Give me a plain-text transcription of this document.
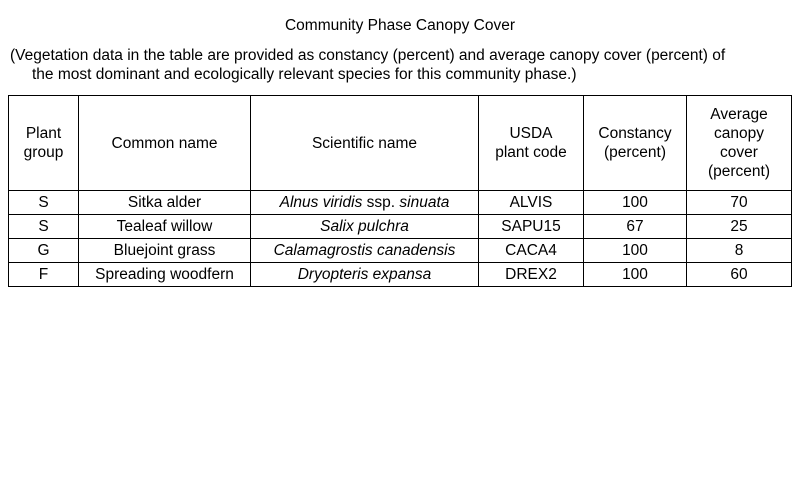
Community Phase Canopy Cover
(Vegetation data in the table are provided as constancy (percent) and average canopy cover (percent) of
the most dominant and ecologically relevant species for this community phase.)
Plant group	Common name	Scientific name	USDA plant code	Constancy (percent)	Average canopy cover (percent)
S	Sitka alder	Alnus viridis ssp. sinuata	ALVIS	100	70
S	Tealeaf willow	Salix pulchra	SAPU15	67	25
G	Bluejoint grass	Calamagrostis canadensis	CACA4	100	8
F	Spreading woodfern	Dryopteris expansa	DREX2	100	60
